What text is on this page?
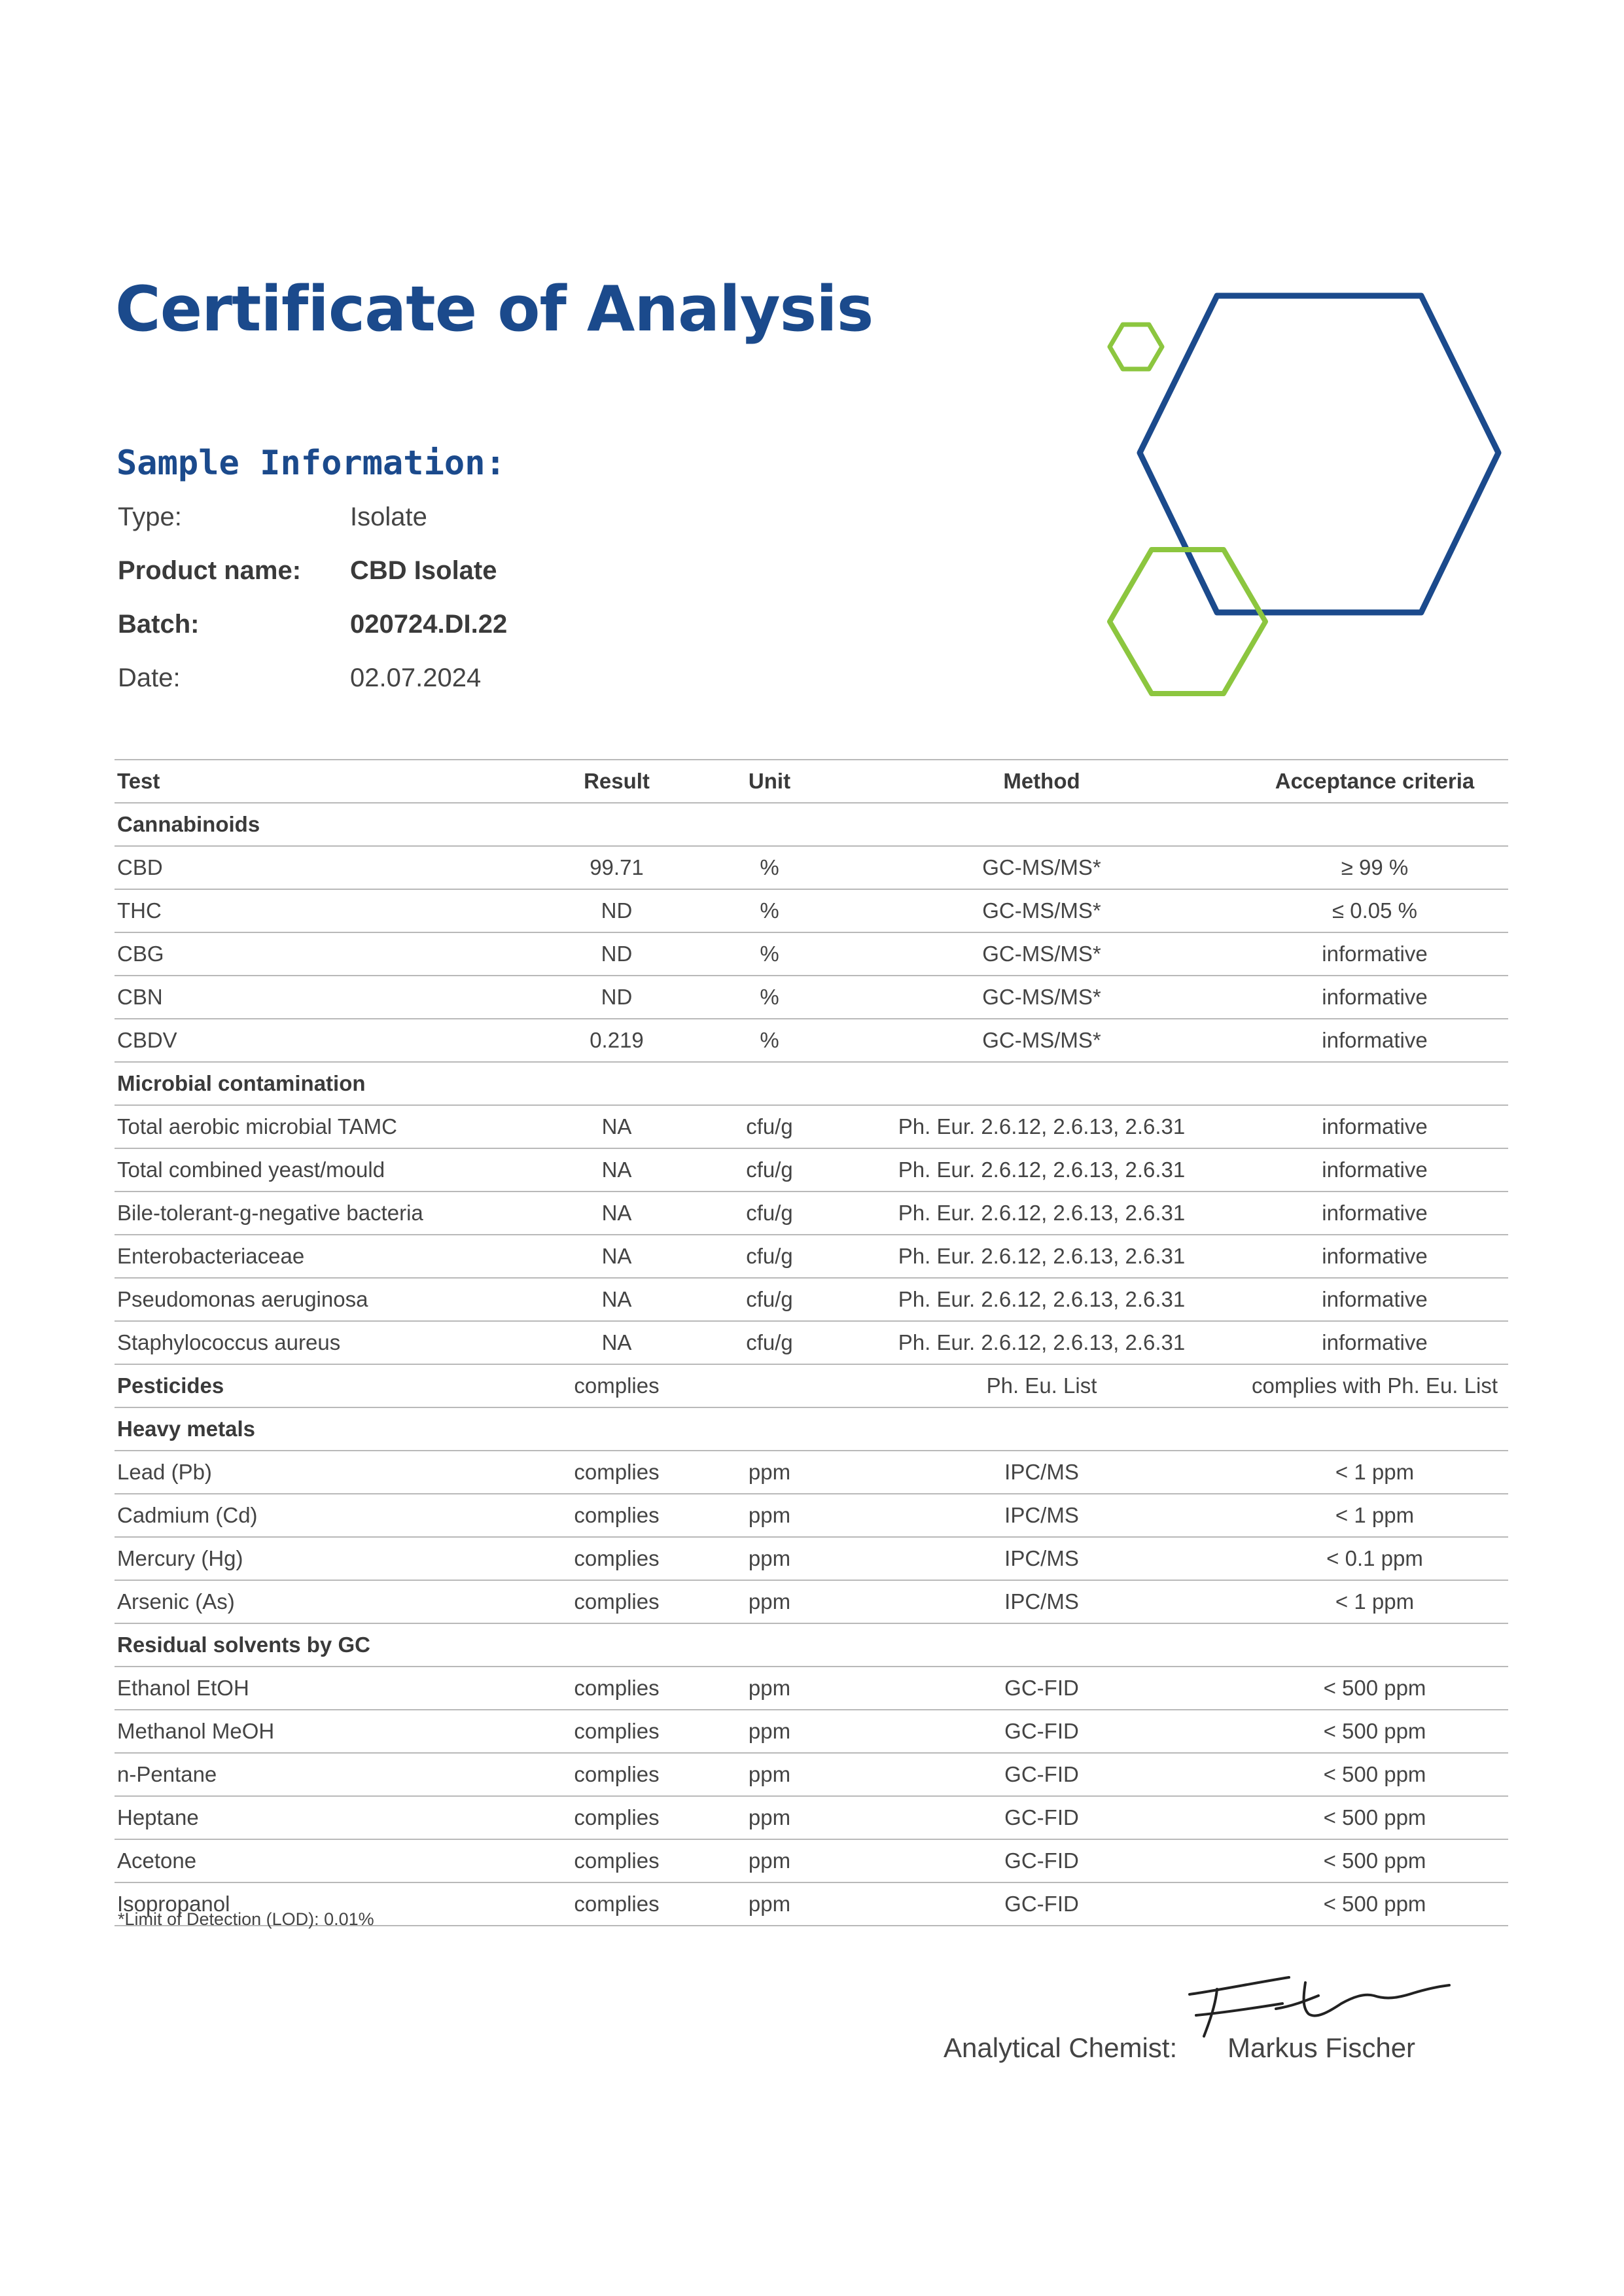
Certificate of Analysis
Sample Information:
Type:	Isolate
Product name: CBD Isolate
Batch:	020724.DI.22
Date:	02.07.2024
Test	Result	Unit	Method	Acceptance criteria
Cannabinoids				
CBD	99.71	%	GC-MS/MS*	≥ 99 %
THC	ND	%	GC-MS/MS*	≤ 0.05 %
CBG	ND	%	GC-MS/MS*	informative
CBN	ND	%	GC-MS/MS*	informative
CBDV	0.219	%	GC-MS/MS*	informative
Microbial contamination				
Total aerobic microbial TAMC	NA	cfu/g	Ph. Eur. 2.6.12, 2.6.13, 2.6.31	informative
Total combined yeast/mould	NA	cfu/g	Ph. Eur. 2.6.12, 2.6.13, 2.6.31	informative
Bile-tolerant-g-negative bacteria	NA	cfu/g	Ph. Eur. 2.6.12, 2.6.13, 2.6.31	informative
Enterobacteriaceae	NA	cfu/g	Ph. Eur. 2.6.12, 2.6.13, 2.6.31	informative
Pseudomonas aeruginosa	NA	cfu/g	Ph. Eur. 2.6.12, 2.6.13, 2.6.31	informative
Staphylococcus aureus	NA	cfu/g	Ph. Eur. 2.6.12, 2.6.13, 2.6.31	informative
Pesticides	complies		Ph. Eu. List	complies with Ph. Eu. List
Heavy metals				
Lead (Pb)	complies	ppm	IPC/MS	< 1 ppm
Cadmium (Cd)	complies	ppm	IPC/MS	< 1 ppm
Mercury (Hg)	complies	ppm	IPC/MS	< 0.1 ppm
Arsenic (As)	complies	ppm	IPC/MS	< 1 ppm
Residual solvents by GC				
Ethanol EtOH	complies	ppm	GC-FID	< 500 ppm
Methanol MeOH	complies	ppm	GC-FID	< 500 ppm
n-Pentane	complies	ppm	GC-FID	< 500 ppm
Heptane	complies	ppm	GC-FID	< 500 ppm
Acetone	complies	ppm	GC-FID	< 500 ppm
Isopropanol	complies	ppm	GC-FID	< 500 ppm
*Limit of Detection (LOD): 0.01%
Analytical Chemist: Markus Fischer
